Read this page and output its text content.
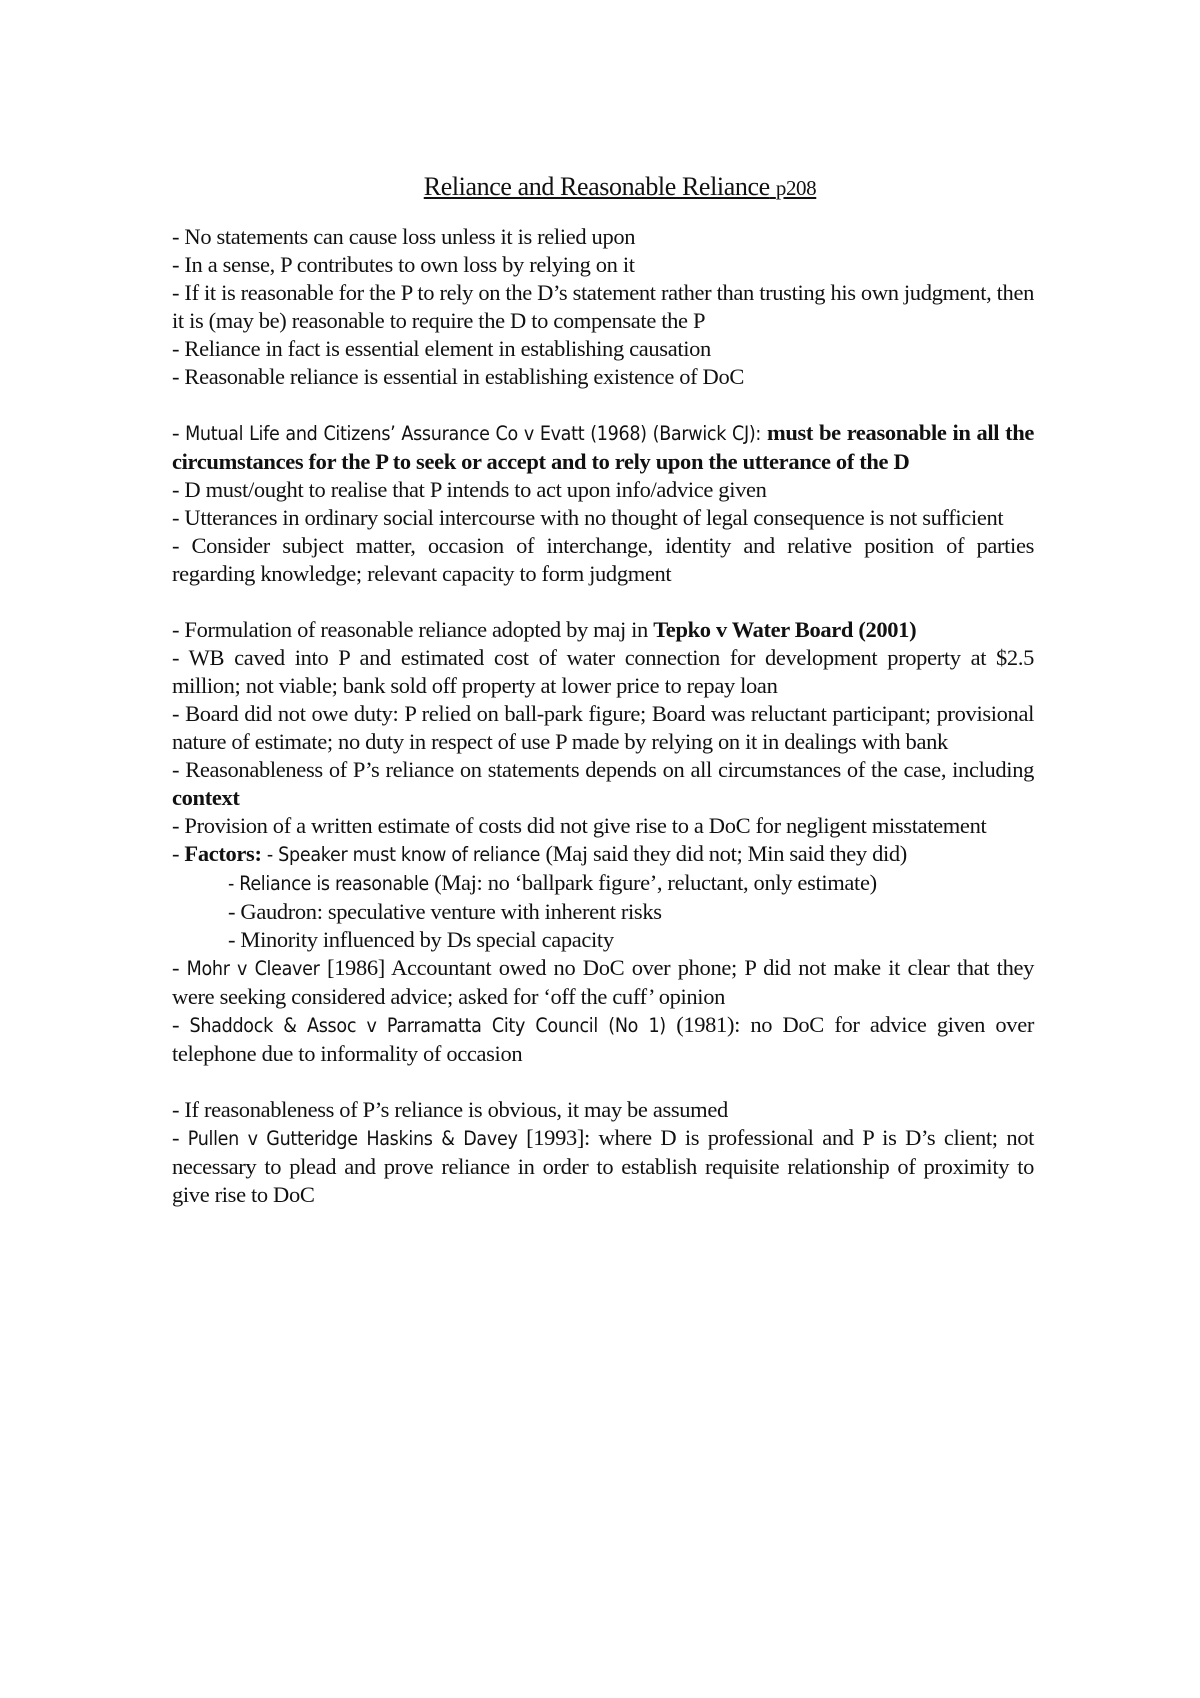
Reliance and Reasonable Reliance p208

- No statements can cause loss unless it is relied upon

- In a sense, P contributes to own loss by relying on it

- If it is reasonable for the P to rely on the D’s statement rather than trusting his own judgment, then it is (may be) reasonable to require the D to compensate the P

- Reliance in fact is essential element in establishing causation

- Reasonable reliance is essential in establishing existence of DoC

- Mutual Life and Citizens’ Assurance Co v Evatt (1968) (Barwick CJ): must be reasonable in all the circumstances for the P to seek or accept and to rely upon the utterance of the D

- D must/ought to realise that P intends to act upon info/advice given

- Utterances in ordinary social intercourse with no thought of legal consequence is not sufficient

- Consider subject matter, occasion of interchange, identity and relative position of parties regarding knowledge; relevant capacity to form judgment

- Formulation of reasonable reliance adopted by maj in Tepko v Water Board (2001)

- WB caved into P and estimated cost of water connection for development property at $2.5 million; not viable; bank sold off property at lower price to repay loan

- Board did not owe duty: P relied on ball-park figure; Board was reluctant participant; provisional nature of estimate; no duty in respect of use P made by relying on it in dealings with bank

- Reasonableness of P’s reliance on statements depends on all circumstances of the case, including context

- Provision of a written estimate of costs did not give rise to a DoC for negligent misstatement

- Factors: - Speaker must know of reliance (Maj said they did not; Min said they did)

- Reliance is reasonable (Maj: no ‘ballpark figure’, reluctant, only estimate)

- Gaudron: speculative venture with inherent risks

- Minority influenced by Ds special capacity

- Mohr v Cleaver [1986] Accountant owed no DoC over phone; P did not make it clear that they were seeking considered advice; asked for ‘off the cuff’ opinion

- Shaddock & Assoc v Parramatta City Council (No 1) (1981): no DoC for advice given over telephone due to informality of occasion

- If reasonableness of P’s reliance is obvious, it may be assumed

- Pullen v Gutteridge Haskins & Davey [1993]: where D is professional and P is D’s client; not necessary to plead and prove reliance in order to establish requisite relationship of proximity to give rise to DoC
